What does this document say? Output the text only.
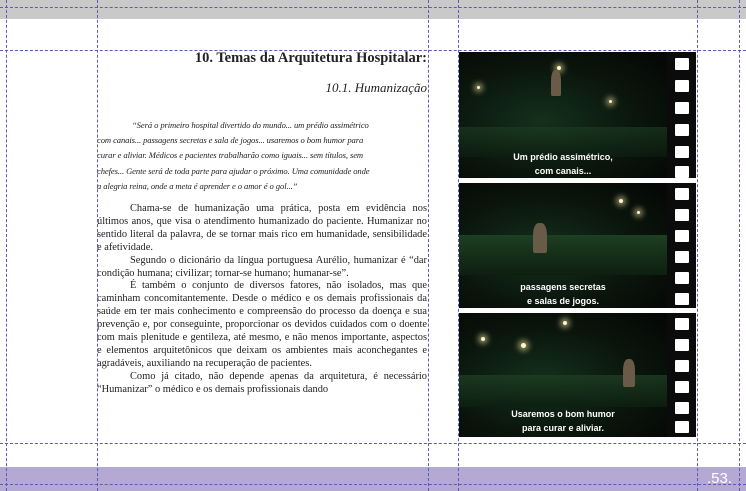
.53.
10. Temas da Arquitetura Hospitalar:
10.1. Humanização
“Será o primeiro hospital divertido do mundo... um prédio assimétrico
com canais... passagens secretas e sala de jogos... usaremos o bom humor para
curar e aliviar. Médicos e pacientes trabalharão como iguais... sem títulos, sem
chefes... Gente será de toda parte para ajudar o próximo. Uma comunidade onde
a alegria reina, onde a meta é aprender e o amor é o gol...”

Chama-se de humanização uma prática, posta em evidência nos últimos anos, que visa o atendimento humanizado do paciente. Humanizar no sentido literal da palavra, de se tornar mais rico em humanidade, sensibilidade e afetividade.

Segundo o dicionário da língua portuguesa Aurélio, humanizar é “dar condição humana; civilizar; tornar-se humano; humanar-se”.

É também o conjunto de diversos fatores, não isolados, mas que caminham concomitantemente. Desde o médico e os demais profissionais da saúde em ter mais conhecimento e compreensão do processo da doença e sua prevenção e, por conseguinte, proporcionar os devidos cuidados com o doente com mais plenitude e gentileza, até mesmo, e não menos importante, aspectos e elementos arquitetônicos que deixam os ambientes mais aconchegantes e agradáveis, auxiliando na recuperação de pacientes.

Como já citado, não depende apenas da arquitetura, é necessário “Humanizar” o médico e os demais profissionais dando

Um prédio assimétrico,
com canais...
passagens secretas
e salas de jogos.
Usaremos o bom humor
para curar e aliviar.
